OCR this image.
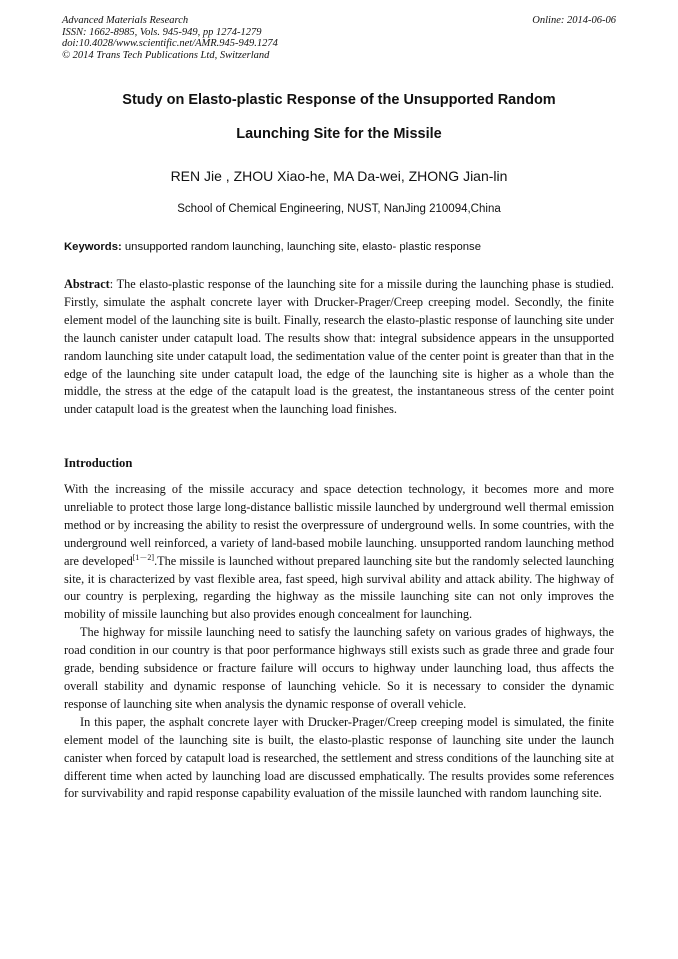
Advanced Materials Research
ISSN: 1662-8985, Vols. 945-949, pp 1274-1279
doi:10.4028/www.scientific.net/AMR.945-949.1274
© 2014 Trans Tech Publications Ltd, Switzerland
Online: 2014-06-06
Study on Elasto-plastic Response of the Unsupported Random
Launching Site for the Missile
REN Jie , ZHOU Xiao-he, MA Da-wei, ZHONG Jian-lin
School of Chemical Engineering, NUST, NanJing 210094,China
Keywords: unsupported random launching, launching site, elasto- plastic response
Abstract: The elasto-plastic response of the launching site for a missile during the launching phase is studied. Firstly, simulate the asphalt concrete layer with Drucker-Prager/Creep creeping model. Secondly, the finite element model of the launching site is built. Finally, research the elasto-plastic response of launching site under the launch canister under catapult load. The results show that: integral subsidence appears in the unsupported random launching site under catapult load, the sedimentation value of the center point is greater than that in the edge of the launching site under catapult load, the edge of the launching site is higher as a whole than the middle, the stress at the edge of the catapult load is the greatest, the instantaneous stress of the center point under catapult load is the greatest when the launching load finishes.
Introduction

With the increasing of the missile accuracy and space detection technology, it becomes more and more unreliable to protect those large long-distance ballistic missile launched by underground well thermal emission method or by increasing the ability to resist the overpressure of underground wells. In some countries, with the underground well reinforced, a variety of land-based mobile launching. unsupported random launching method are developed[1－2].The missile is launched without prepared launching site but the randomly selected launching site, it is characterized by vast flexible area, fast speed, high survival ability and attack ability. The highway of our country is perplexing, regarding the highway as the missile launching site can not only improves the mobility of missile launching but also provides enough concealment for launching.

The highway for missile launching need to satisfy the launching safety on various grades of highways, the road condition in our country is that poor performance highways still exists such as grade three and grade four grade, bending subsidence or fracture failure will occurs to highway under launching load, thus affects the overall stability and dynamic response of launching vehicle. So it is necessary to consider the dynamic response of launching site when analysis the dynamic response of overall vehicle.

In this paper, the asphalt concrete layer with Drucker-Prager/Creep creeping model is simulated, the finite element model of the launching site is built, the elasto-plastic response of launching site under the launch canister when forced by catapult load is researched, the settlement and stress conditions of the launching site at different time when acted by launching load are discussed emphatically. The results provides some references for survivability and rapid response capability evaluation of the missile launched with random launching site.
